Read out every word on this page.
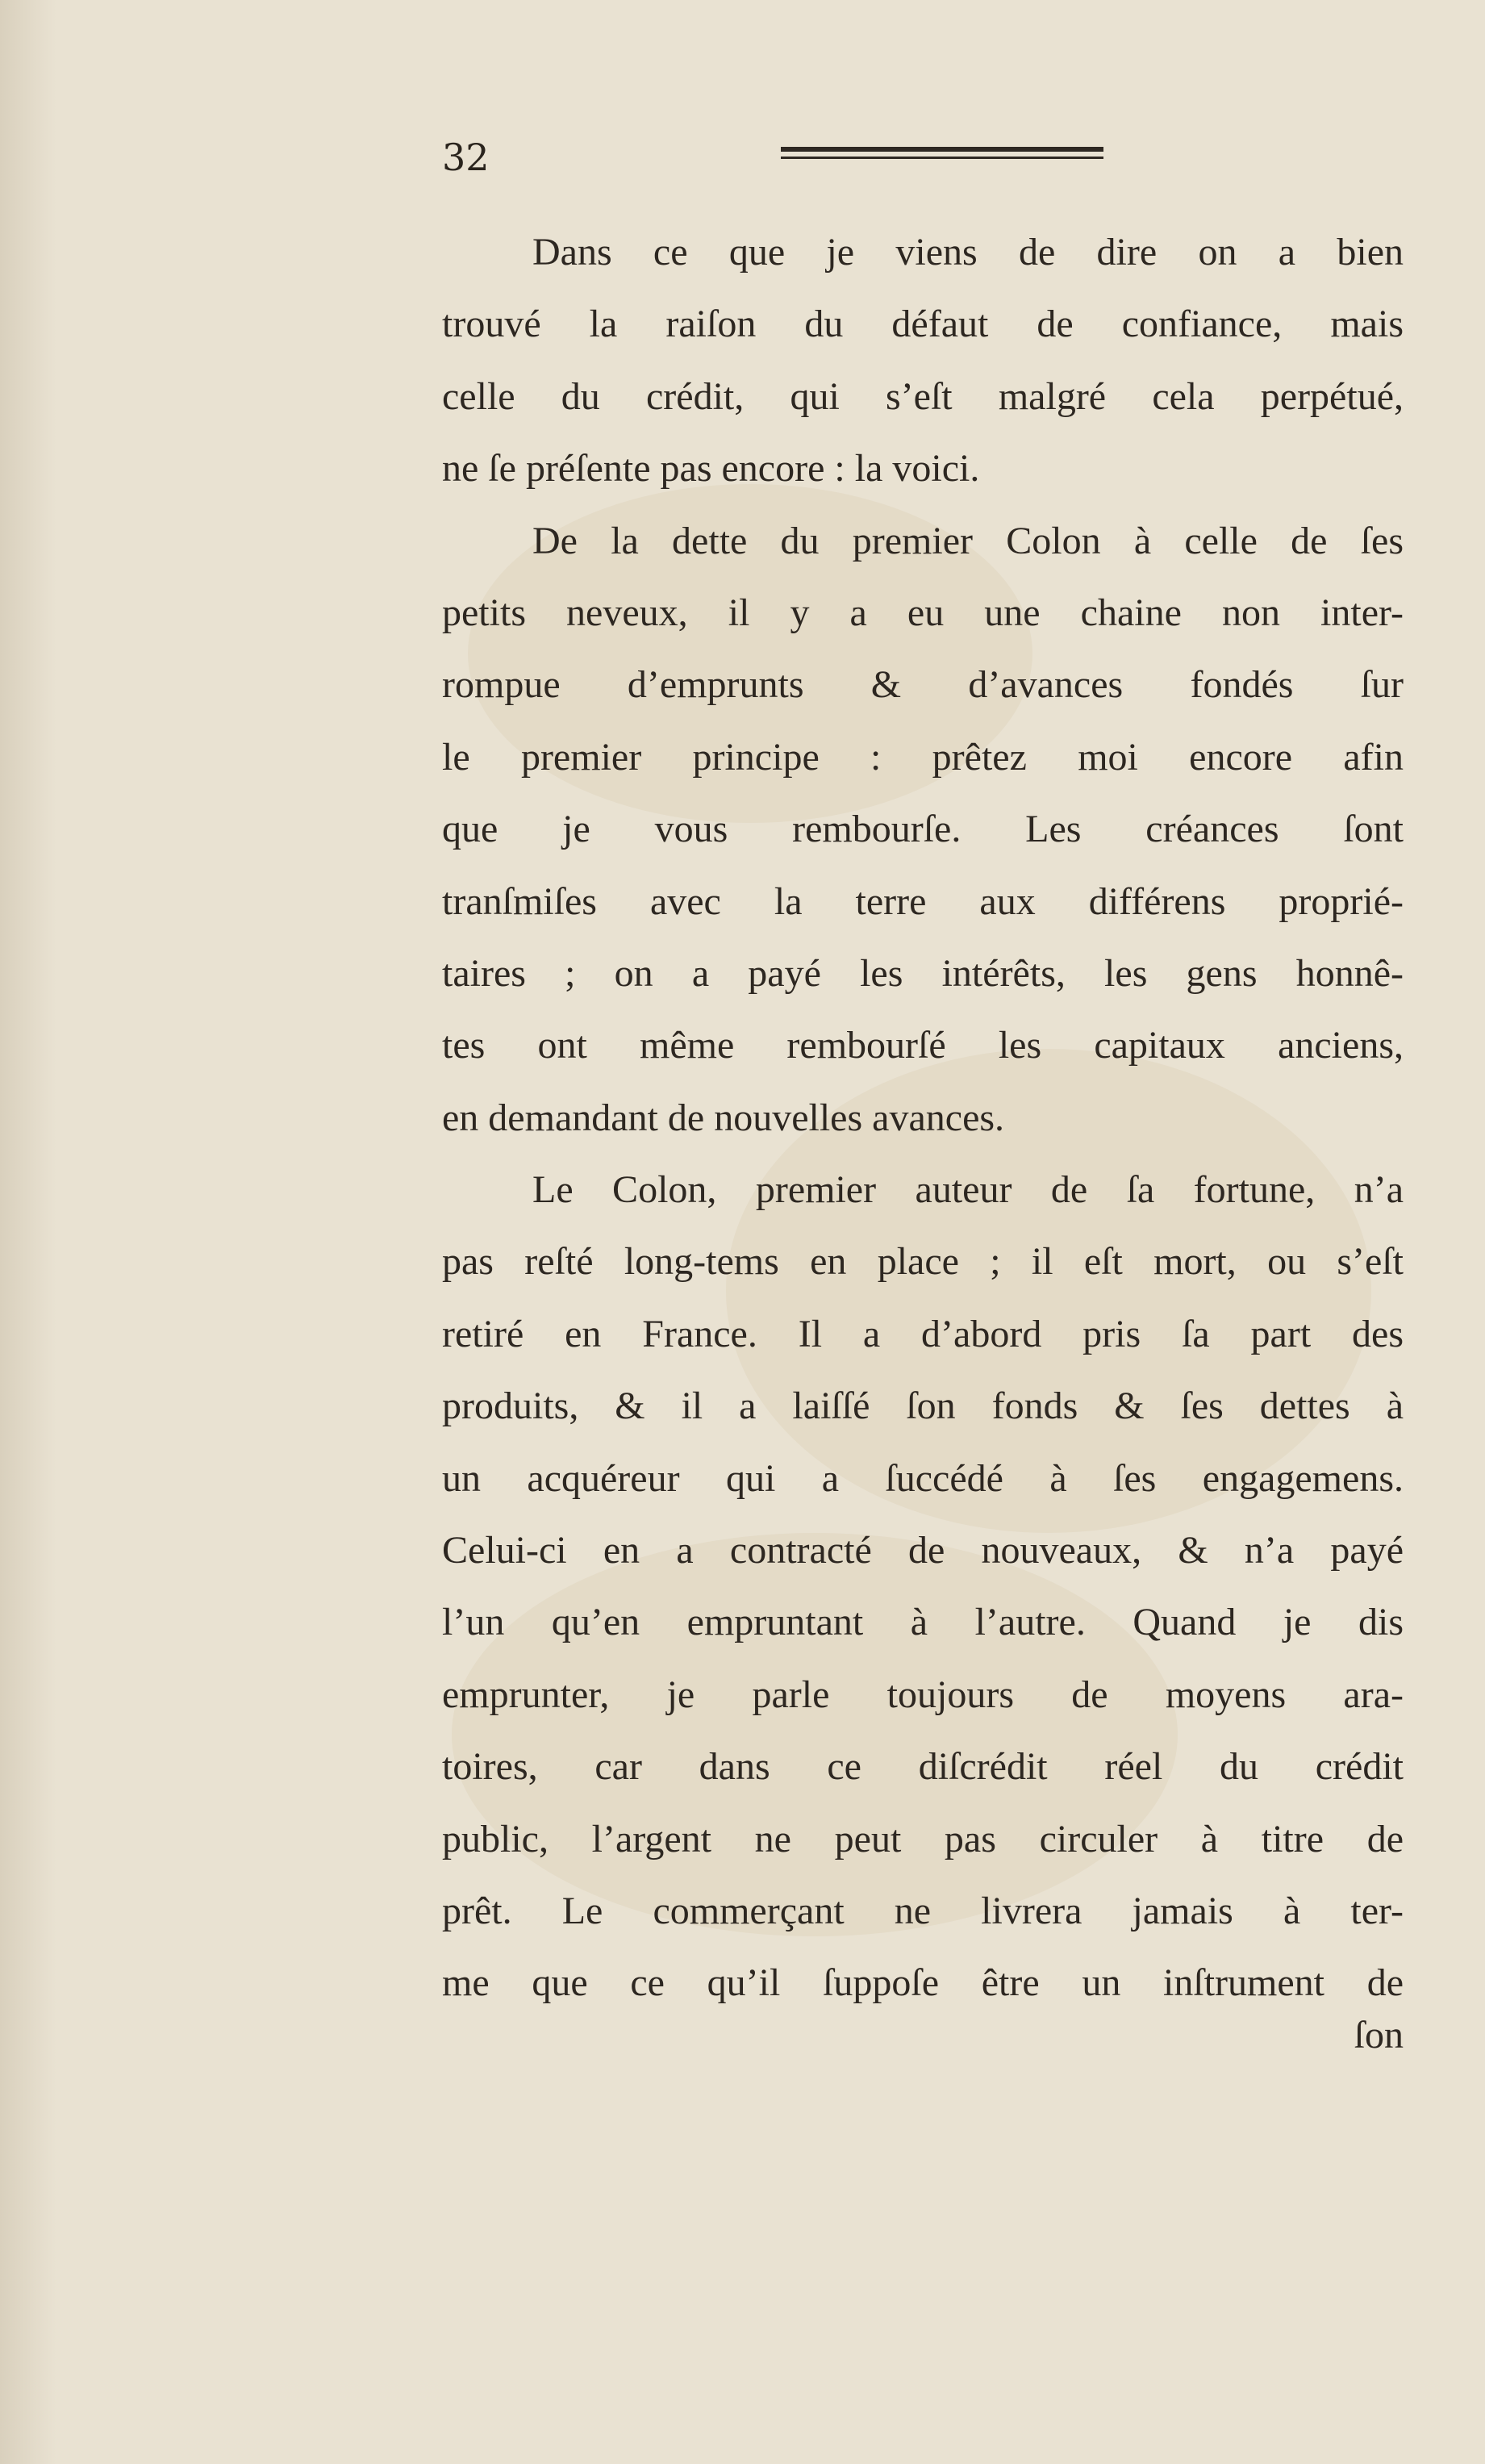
32
Dans ce que je viens de dire on a bien
trouvé la raiſon du défaut de confiance, mais
celle du crédit, qui s’eſt malgré cela perpétué,
ne ſe préſente pas encore : la voici.
De la dette du premier Colon à celle de ſes
petits neveux, il y a eu une chaine non inter-
rompue d’emprunts & d’avances fondés ſur
le premier principe : prêtez moi encore afin
que je vous rembourſe. Les créances ſont
tranſmiſes avec la terre aux différens proprié-
taires ; on a payé les intérêts, les gens honnê-
tes ont même rembourſé les capitaux anciens,
en demandant de nouvelles avances.
Le Colon, premier auteur de ſa fortune, n’a
pas reſté long-tems en place ; il eſt mort, ou s’eſt
retiré en France. Il a d’abord pris ſa part des
produits, & il a laiſſé ſon fonds & ſes dettes à
un acquéreur qui a ſuccédé à ſes engagemens.
Celui-ci en a contracté de nouveaux, & n’a payé
l’un qu’en empruntant à l’autre. Quand je dis
emprunter, je parle toujours de moyens ara-
toires, car dans ce diſcrédit réel du crédit
public, l’argent ne peut pas circuler à titre de
prêt. Le commerçant ne livrera jamais à ter-
me que ce qu’il ſuppoſe être un inſtrument de
ſon
